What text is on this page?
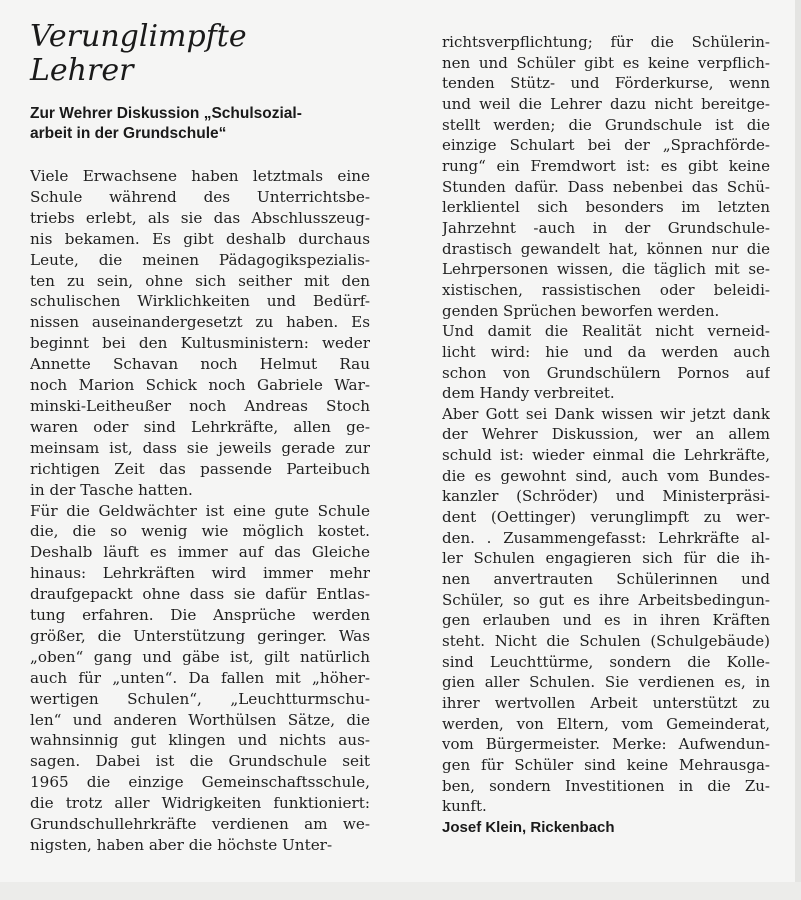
Verunglimpfte
Lehrer
Zur Wehrer Diskussion „Schulsozial-
arbeit in der Grundschule“
Viele Erwachsene haben letztmals eine
Schule während des Unterrichtsbe-
triebs erlebt, als sie das Abschlusszeug-
nis bekamen. Es gibt deshalb durchaus
Leute, die meinen Pädagogikspezialis-
ten zu sein, ohne sich seither mit den
schulischen Wirklichkeiten und Bedürf-
nissen auseinandergesetzt zu haben. Es
beginnt bei den Kultusministern: weder
Annette Schavan noch Helmut Rau
noch Marion Schick noch Gabriele War-
minski-Leitheußer noch Andreas Stoch
waren oder sind Lehrkräfte, allen ge-
meinsam ist, dass sie jeweils gerade zur
richtigen Zeit das passende Parteibuch
in der Tasche hatten.
Für die Geldwächter ist eine gute Schule
die, die so wenig wie möglich kostet.
Deshalb läuft es immer auf das Gleiche
hinaus: Lehrkräften wird immer mehr
draufgepackt ohne dass sie dafür Entlas-
tung erfahren. Die Ansprüche werden
größer, die Unterstützung geringer. Was
„oben“ gang und gäbe ist, gilt natürlich
auch für „unten“. Da fallen mit „höher-
wertigen Schulen“, „Leuchtturmschu-
len“ und anderen Worthülsen Sätze, die
wahnsinnig gut klingen und nichts aus-
sagen. Dabei ist die Grundschule seit
1965 die einzige Gemeinschaftsschule,
die trotz aller Widrigkeiten funktioniert:
Grundschullehrkräfte verdienen am we-
nigsten, haben aber die höchste Unter-
richtsverpflichtung; für die Schülerin-
nen und Schüler gibt es keine verpflich-
tenden Stütz- und Förderkurse, wenn
und weil die Lehrer dazu nicht bereitge-
stellt werden; die Grundschule ist die
einzige Schulart bei der „Sprachförde-
rung“ ein Fremdwort ist: es gibt keine
Stunden dafür. Dass nebenbei das Schü-
lerklientel sich besonders im letzten
Jahrzehnt -auch in der Grundschule-
drastisch gewandelt hat, können nur die
Lehrpersonen wissen, die täglich mit se-
xistischen, rassistischen oder beleidi-
genden Sprüchen beworfen werden.
Und damit die Realität nicht verneid-
licht wird: hie und da werden auch
schon von Grundschülern Pornos auf
dem Handy verbreitet.
Aber Gott sei Dank wissen wir jetzt dank
der Wehrer Diskussion, wer an allem
schuld ist: wieder einmal die Lehrkräfte,
die es gewohnt sind, auch vom Bundes-
kanzler (Schröder) und Ministerpräsi-
dent (Oettinger) verunglimpft zu wer-
den. . Zusammengefasst: Lehrkräfte al-
ler Schulen engagieren sich für die ih-
nen anvertrauten Schülerinnen und
Schüler, so gut es ihre Arbeitsbedingun-
gen erlauben und es in ihren Kräften
steht. Nicht die Schulen (Schulgebäude)
sind Leuchttürme, sondern die Kolle-
gien aller Schulen. Sie verdienen es, in
ihrer wertvollen Arbeit unterstützt zu
werden, von Eltern, vom Gemeinderat,
vom Bürgermeister. Merke: Aufwendun-
gen für Schüler sind keine Mehrausga-
ben, sondern Investitionen in die Zu-
kunft.
Josef Klein, Rickenbach
